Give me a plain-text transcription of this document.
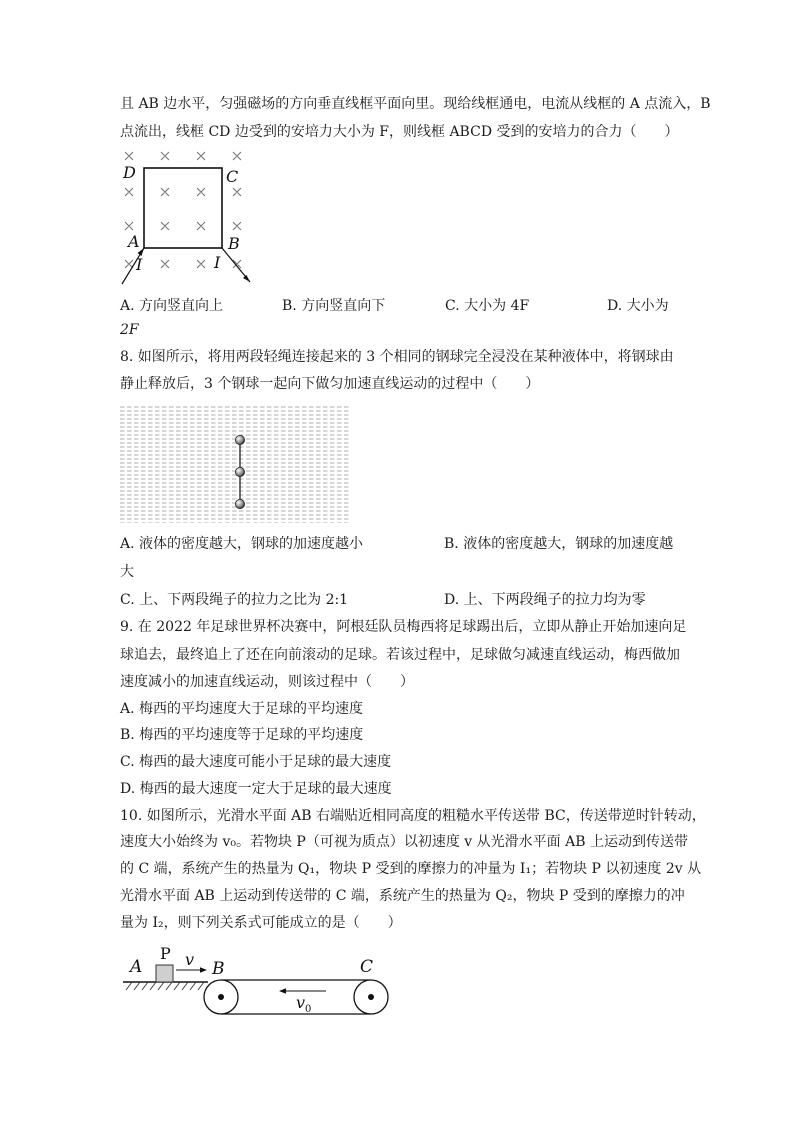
且 AB 边水平，匀强磁场的方向垂直线框平面向里。现给线框通电，电流从线框的 A 点流入，B
点流出，线框 CD 边受到的安培力大小为 F，则线框 ABCD 受到的安培力的合力（　　）
D	C
A	B
I	I
A. 方向竖直向上	B. 方向竖直向下	C. 大小为 4F	D. 大小为
2F
8. 如图所示，将用两段轻绳连接起来的 3 个相同的钢球完全浸没在某种液体中，将钢球由
静止释放后，3 个钢球一起向下做匀加速直线运动的过程中（　　）
A. 液体的密度越大，钢球的加速度越小	B. 液体的密度越大，钢球的加速度越
大
C. 上、下两段绳子的拉力之比为 2:1	D. 上、下两段绳子的拉力均为零
9. 在 2022 年足球世界杯决赛中，阿根廷队员梅西将足球踢出后，立即从静止开始加速向足
球追去，最终追上了还在向前滚动的足球。若该过程中，足球做匀减速直线运动，梅西做加
速度减小的加速直线运动，则该过程中（　　）
A. 梅西的平均速度大于足球的平均速度
B. 梅西的平均速度等于足球的平均速度
C. 梅西的最大速度可能小于足球的最大速度
D. 梅西的最大速度一定大于足球的最大速度
10. 如图所示，光滑水平面 AB 右端贴近相同高度的粗糙水平传送带 BC，传送带逆时针转动，
速度大小始终为 v₀。若物块 P（可视为质点）以初速度 v 从光滑水平面 AB 上运动到传送带
的 C 端，系统产生的热量为 Q₁，物块 P 受到的摩擦力的冲量为 I₁；若物块 P 以初速度 2v 从
光滑水平面 AB 上运动到传送带的 C 端，系统产生的热量为 Q₂，物块 P 受到的摩擦力的冲
量为 I₂，则下列关系式可能成立的是（　　）
A
P v B	C
v 0
